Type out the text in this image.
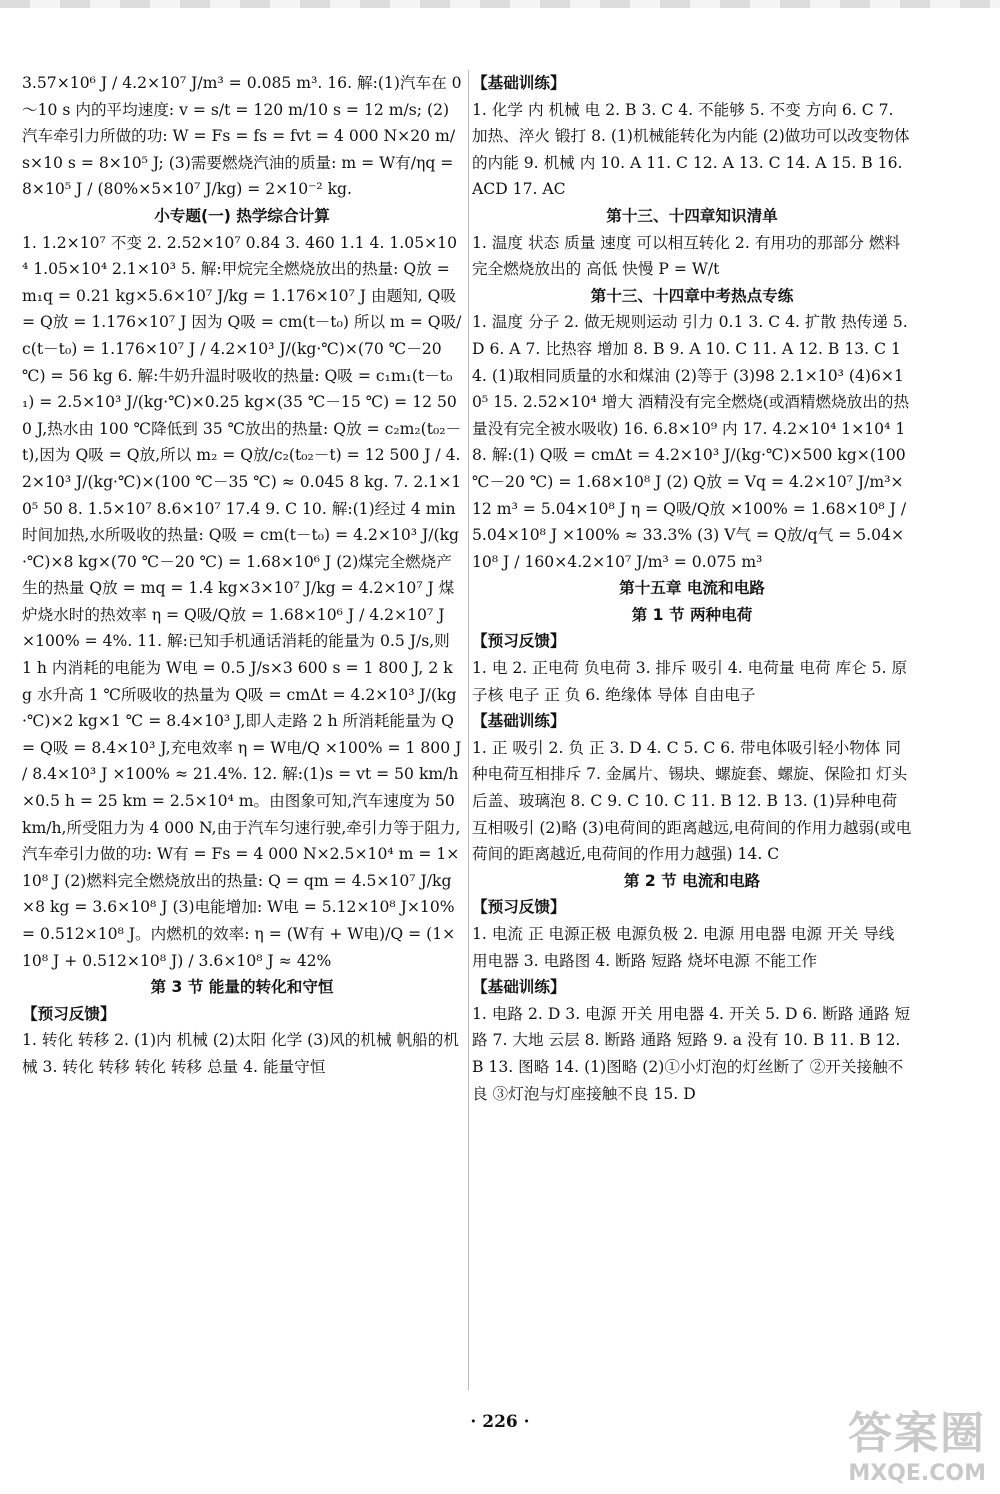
3.57×10⁶ J / 4.2×10⁷ J/m³ = 0.085 m³. 16. 解:(1)汽车在 0～10 s 内的平均速度: v = s/t = 120 m/10 s = 12 m/s; (2)汽车牵引力所做的功: W = Fs = fs = fvt = 4 000 N×20 m/s×10 s = 8×10⁵ J; (3)需要燃烧汽油的质量: m = W有/ηq = 8×10⁵ J / (80%×5×10⁷ J/kg) = 2×10⁻² kg.

小专题(一) 热学综合计算

1. 1.2×10⁷ 不变 2. 2.52×10⁷ 0.84 3. 460 1.1 4. 1.05×10⁴ 1.05×10⁴ 2.1×10³ 5. 解:甲烷完全燃烧放出的热量: Q放 = m₁q = 0.21 kg×5.6×10⁷ J/kg = 1.176×10⁷ J 由题知, Q吸 = Q放 = 1.176×10⁷ J 因为 Q吸 = cm(t－t₀) 所以 m = Q吸/c(t－t₀) = 1.176×10⁷ J / 4.2×10³ J/(kg·℃)×(70 ℃－20 ℃) = 56 kg 6. 解:牛奶升温时吸收的热量: Q吸 = c₁m₁(t－t₀₁) = 2.5×10³ J/(kg·℃)×0.25 kg×(35 ℃－15 ℃) = 12 500 J,热水由 100 ℃降低到 35 ℃放出的热量: Q放 = c₂m₂(t₀₂－t),因为 Q吸 = Q放,所以 m₂ = Q放/c₂(t₀₂－t) = 12 500 J / 4.2×10³ J/(kg·℃)×(100 ℃－35 ℃) ≈ 0.045 8 kg. 7. 2.1×10⁵ 50 8. 1.5×10⁷ 8.6×10⁷ 17.4 9. C 10. 解:(1)经过 4 min 时间加热,水所吸收的热量: Q吸 = cm(t－t₀) = 4.2×10³ J/(kg·℃)×8 kg×(70 ℃－20 ℃) = 1.68×10⁶ J (2)煤完全燃烧产生的热量 Q放 = mq = 1.4 kg×3×10⁷ J/kg = 4.2×10⁷ J 煤炉烧水时的热效率 η = Q吸/Q放 = 1.68×10⁶ J / 4.2×10⁷ J ×100% = 4%. 11. 解:已知手机通话消耗的能量为 0.5 J/s,则 1 h 内消耗的电能为 W电 = 0.5 J/s×3 600 s = 1 800 J, 2 kg 水升高 1 ℃所吸收的热量为 Q吸 = cmΔt = 4.2×10³ J/(kg·℃)×2 kg×1 ℃ = 8.4×10³ J,即人走路 2 h 所消耗能量为 Q = Q吸 = 8.4×10³ J,充电效率 η = W电/Q ×100% = 1 800 J / 8.4×10³ J ×100% ≈ 21.4%. 12. 解:(1)s = vt = 50 km/h×0.5 h = 25 km = 2.5×10⁴ m。由图象可知,汽车速度为 50 km/h,所受阻力为 4 000 N,由于汽车匀速行驶,牵引力等于阻力,汽车牵引力做的功: W有 = Fs = 4 000 N×2.5×10⁴ m = 1×10⁸ J (2)燃料完全燃烧放出的热量: Q = qm = 4.5×10⁷ J/kg×8 kg = 3.6×10⁸ J (3)电能增加: W电 = 5.12×10⁸ J×10% = 0.512×10⁸ J。内燃机的效率: η = (W有 + W电)/Q = (1×10⁸ J + 0.512×10⁸ J) / 3.6×10⁸ J ≈ 42%

第 3 节 能量的转化和守恒

【预习反馈】

1. 转化 转移 2. (1)内 机械 (2)太阳 化学 (3)风的机械 帆船的机械 3. 转化 转移 转化 转移 总量 4. 能量守恒

【基础训练】

1. 化学 内 机械 电 2. B 3. C 4. 不能够 5. 不变 方向 6. C 7. 加热、淬火 锻打 8. (1)机械能转化为内能 (2)做功可以改变物体的内能 9. 机械 内 10. A 11. C 12. A 13. C 14. A 15. B 16. ACD 17. AC

第十三、十四章知识清单

1. 温度 状态 质量 速度 可以相互转化 2. 有用功的那部分 燃料完全燃烧放出的 高低 快慢 P = W/t

第十三、十四章中考热点专练

1. 温度 分子 2. 做无规则运动 引力 0.1 3. C 4. 扩散 热传递 5. D 6. A 7. 比热容 增加 8. B 9. A 10. C 11. A 12. B 13. C 14. (1)取相同质量的水和煤油 (2)等于 (3)98 2.1×10³ (4)6×10⁵ 15. 2.52×10⁴ 增大 酒精没有完全燃烧(或酒精燃烧放出的热量没有完全被水吸收) 16. 6.8×10⁹ 内 17. 4.2×10⁴ 1×10⁴ 18. 解:(1) Q吸 = cmΔt = 4.2×10³ J/(kg·℃)×500 kg×(100 ℃－20 ℃) = 1.68×10⁸ J (2) Q放 = Vq = 4.2×10⁷ J/m³×12 m³ = 5.04×10⁸ J η = Q吸/Q放 ×100% = 1.68×10⁸ J / 5.04×10⁸ J ×100% ≈ 33.3% (3) V气 = Q放/q气 = 5.04×10⁸ J / 160×4.2×10⁷ J/m³ = 0.075 m³

第十五章 电流和电路

第 1 节 两种电荷

【预习反馈】

1. 电 2. 正电荷 负电荷 3. 排斥 吸引 4. 电荷量 电荷 库仑 5. 原子核 电子 正 负 6. 绝缘体 导体 自由电子

【基础训练】

1. 正 吸引 2. 负 正 3. D 4. C 5. C 6. 带电体吸引轻小物体 同种电荷互相排斥 7. 金属片、锡块、螺旋套、螺旋、保险扣 灯头后盖、玻璃泡 8. C 9. C 10. C 11. B 12. B 13. (1)异种电荷互相吸引 (2)略 (3)电荷间的距离越远,电荷间的作用力越弱(或电荷间的距离越近,电荷间的作用力越强) 14. C

第 2 节 电流和电路

【预习反馈】

1. 电流 正 电源正极 电源负极 2. 电源 用电器 电源 开关 导线 用电器 3. 电路图 4. 断路 短路 烧坏电源 不能工作

【基础训练】

1. 电路 2. D 3. 电源 开关 用电器 4. 开关 5. D 6. 断路 通路 短路 7. 大地 云层 8. 断路 通路 短路 9. a 没有 10. B 11. B 12. B 13. 图略 14. (1)图略 (2)①小灯泡的灯丝断了 ②开关接触不良 ③灯泡与灯座接触不良 15. D

· 226 ·	答案圈
MXQE.COM
